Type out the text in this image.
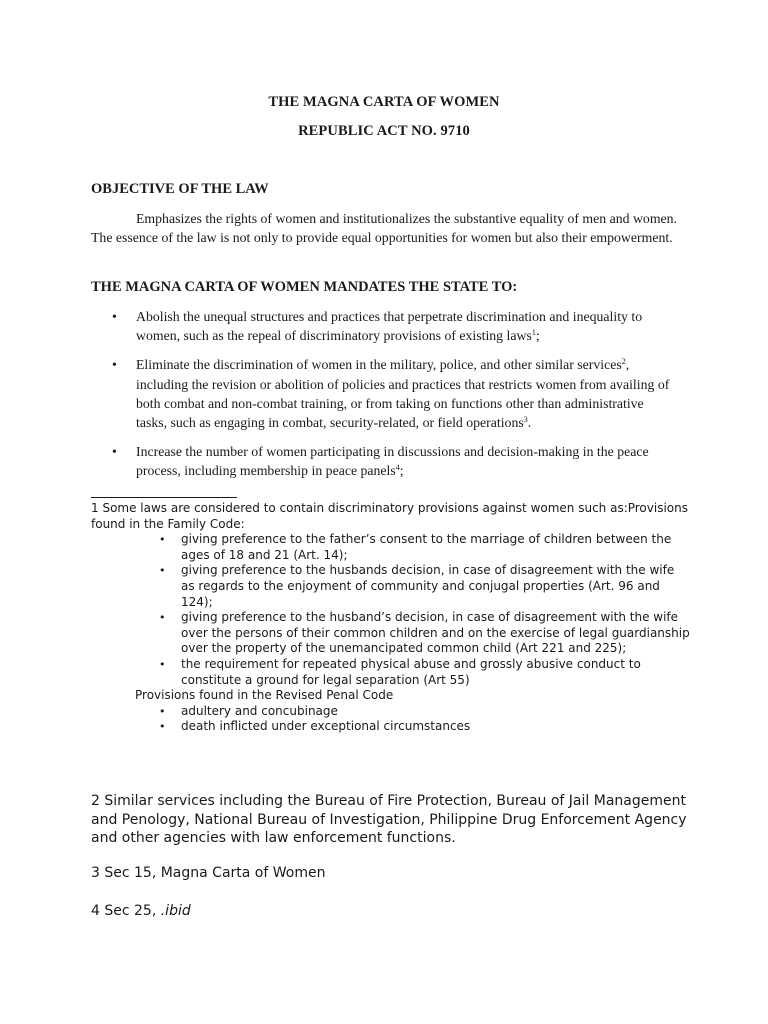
THE MAGNA CARTA OF WOMEN
REPUBLIC ACT NO. 9710
OBJECTIVE OF THE LAW
Emphasizes the rights of women and institutionalizes the substantive equality of men and women. The essence of the law is not only to provide equal opportunities for women but also their empowerment.
THE MAGNA CARTA OF WOMEN MANDATES THE STATE TO:
• Abolish the unequal structures and practices that perpetrate discrimination and inequality to women, such as the repeal of discriminatory provisions of existing laws$^1$;
• Eliminate the discrimination of women in the military, police, and other similar services$^2$, including the revision or abolition of policies and practices that restricts women from availing of both combat and non-combat training, or from taking on functions other than administrative tasks, such as engaging in combat, security-related, or field operations$^3$.
• Increase the number of women participating in discussions and decision-making in the peace process, including membership in peace panels$^4$;

1 Some laws are considered to contain discriminatory provisions against women such as:Provisions found in the Family Code:

• giving preference to the father’s consent to the marriage of children between the ages of 18 and 21 (Art. 14);
• giving preference to the husbands decision, in case of disagreement with the wife as regards to the enjoyment of community and conjugal properties (Art. 96 and 124);
• giving preference to the husband’s decision, in case of disagreement with the wife over the persons of their common children and on the exercise of legal guardianship over the property of the unemancipated common child (Art 221 and 225);
• the requirement for repeated physical abuse and grossly abusive conduct to constitute a ground for legal separation (Art 55)

Provisions found in the Revised Penal Code

• adultery and concubinage
• death inflicted under exceptional circumstances
2 Similar services including the Bureau of Fire Protection, Bureau of Jail Management and Penology, National Bureau of Investigation, Philippine Drug Enforcement Agency and other agencies with law enforcement functions.
3 Sec 15, Magna Carta of Women
4 Sec 25, .ibid
